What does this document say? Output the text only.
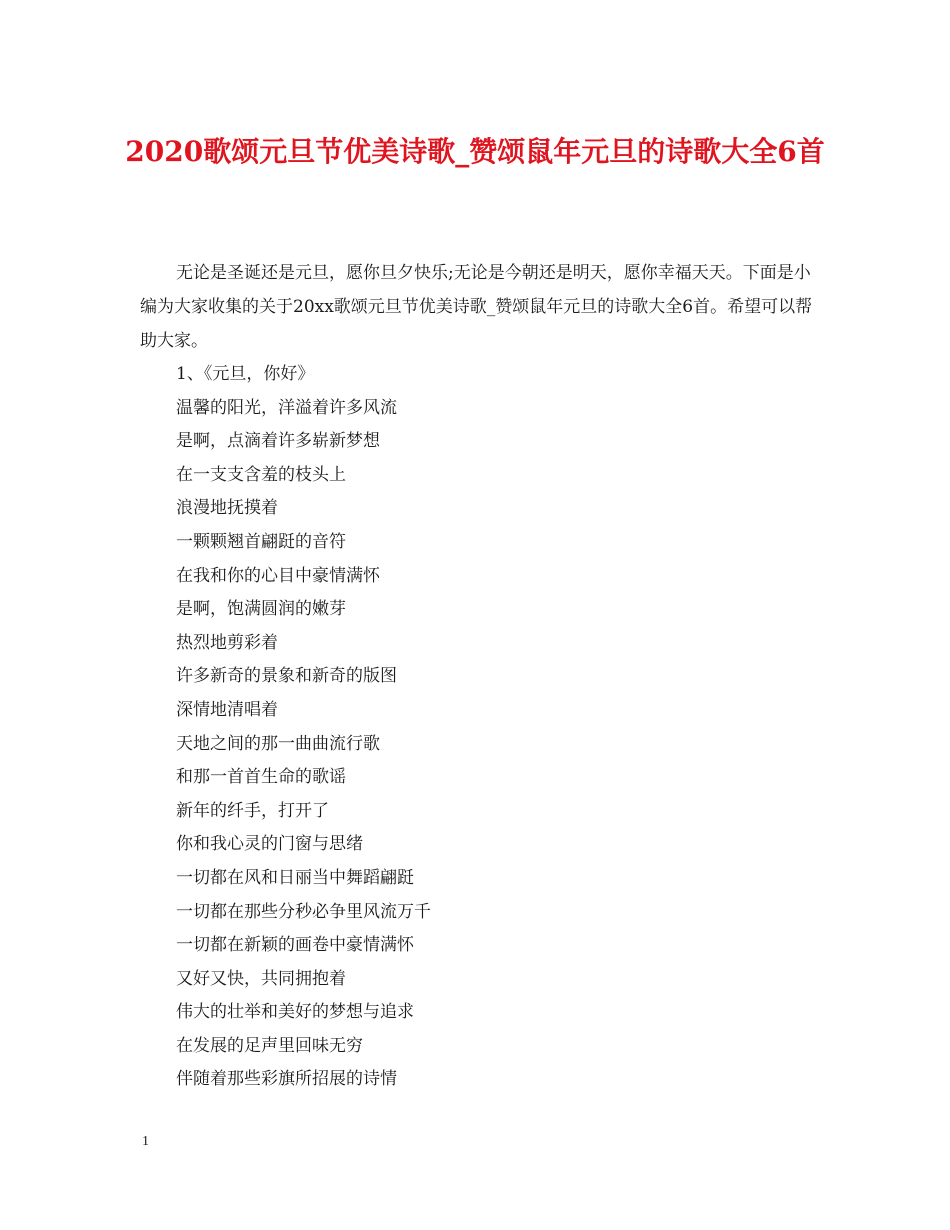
2020歌颂元旦节优美诗歌_赞颂鼠年元旦的诗歌大全6首

无论是圣诞还是元旦，愿你旦夕快乐;无论是今朝还是明天，愿你幸福天天。下面是小编为大家收集的关于20xx歌颂元旦节优美诗歌_赞颂鼠年元旦的诗歌大全6首。希望可以帮助大家。

1、《元旦，你好》
温馨的阳光，洋溢着许多风流
是啊，点滴着许多崭新梦想
在一支支含羞的枝头上
浪漫地抚摸着
一颗颗翘首翩跹的音符
在我和你的心目中豪情满怀
是啊，饱满圆润的嫩芽
热烈地剪彩着
许多新奇的景象和新奇的版图
深情地清唱着
天地之间的那一曲曲流行歌
和那一首首生命的歌谣
新年的纤手，打开了
你和我心灵的门窗与思绪
一切都在风和日丽当中舞蹈翩跹
一切都在那些分秒必争里风流万千
一切都在新颖的画卷中豪情满怀
又好又快，共同拥抱着
伟大的壮举和美好的梦想与追求
在发展的足声里回味无穷
伴随着那些彩旗所招展的诗情
1
